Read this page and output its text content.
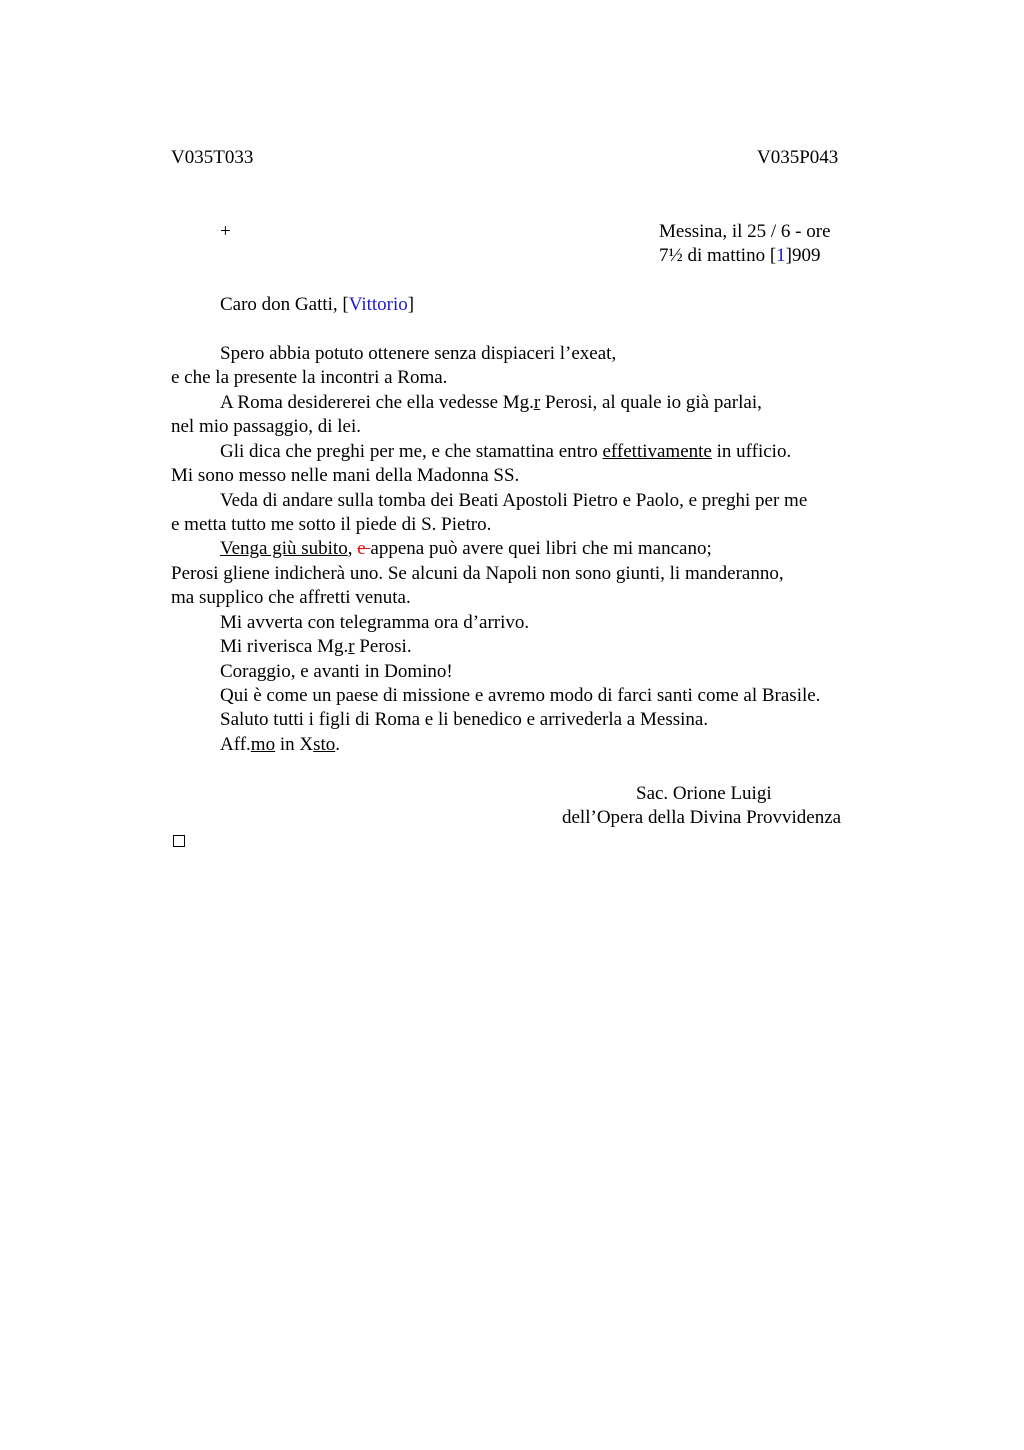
V035T033	V035P043
+	Messina, il 25 / 6 - ore
7½ di mattino [1]909
Caro don Gatti, [Vittorio]
Spero abbia potuto ottenere senza dispiaceri l’exeat,
e che la presente la incontri a Roma.
A Roma desidererei che ella vedesse Mg.r Perosi, al quale io già parlai,
nel mio passaggio, di lei.
Gli dica che preghi per me, e che stamattina entro effettivamente in ufficio.
Mi sono messo nelle mani della Madonna SS.
Veda di andare sulla tomba dei Beati Apostoli Pietro e Paolo, e preghi per me
e metta tutto me sotto il piede di S. Pietro.
Venga giù subito, e appena può avere quei libri che mi mancano;
Perosi gliene indicherà uno. Se alcuni da Napoli non sono giunti, li manderanno,
ma supplico che affretti venuta.
Mi avverta con telegramma ora d’arrivo.
Mi riverisca Mg.r Perosi.
Coraggio, e avanti in Domino!
Qui è come un paese di missione e avremo modo di farci santi come al Brasile.
Saluto tutti i figli di Roma e li benedico e arrivederla a Messina.
Aff.mo in Xsto.
Sac. Orione Luigi
dell’Opera della Divina Provvidenza
